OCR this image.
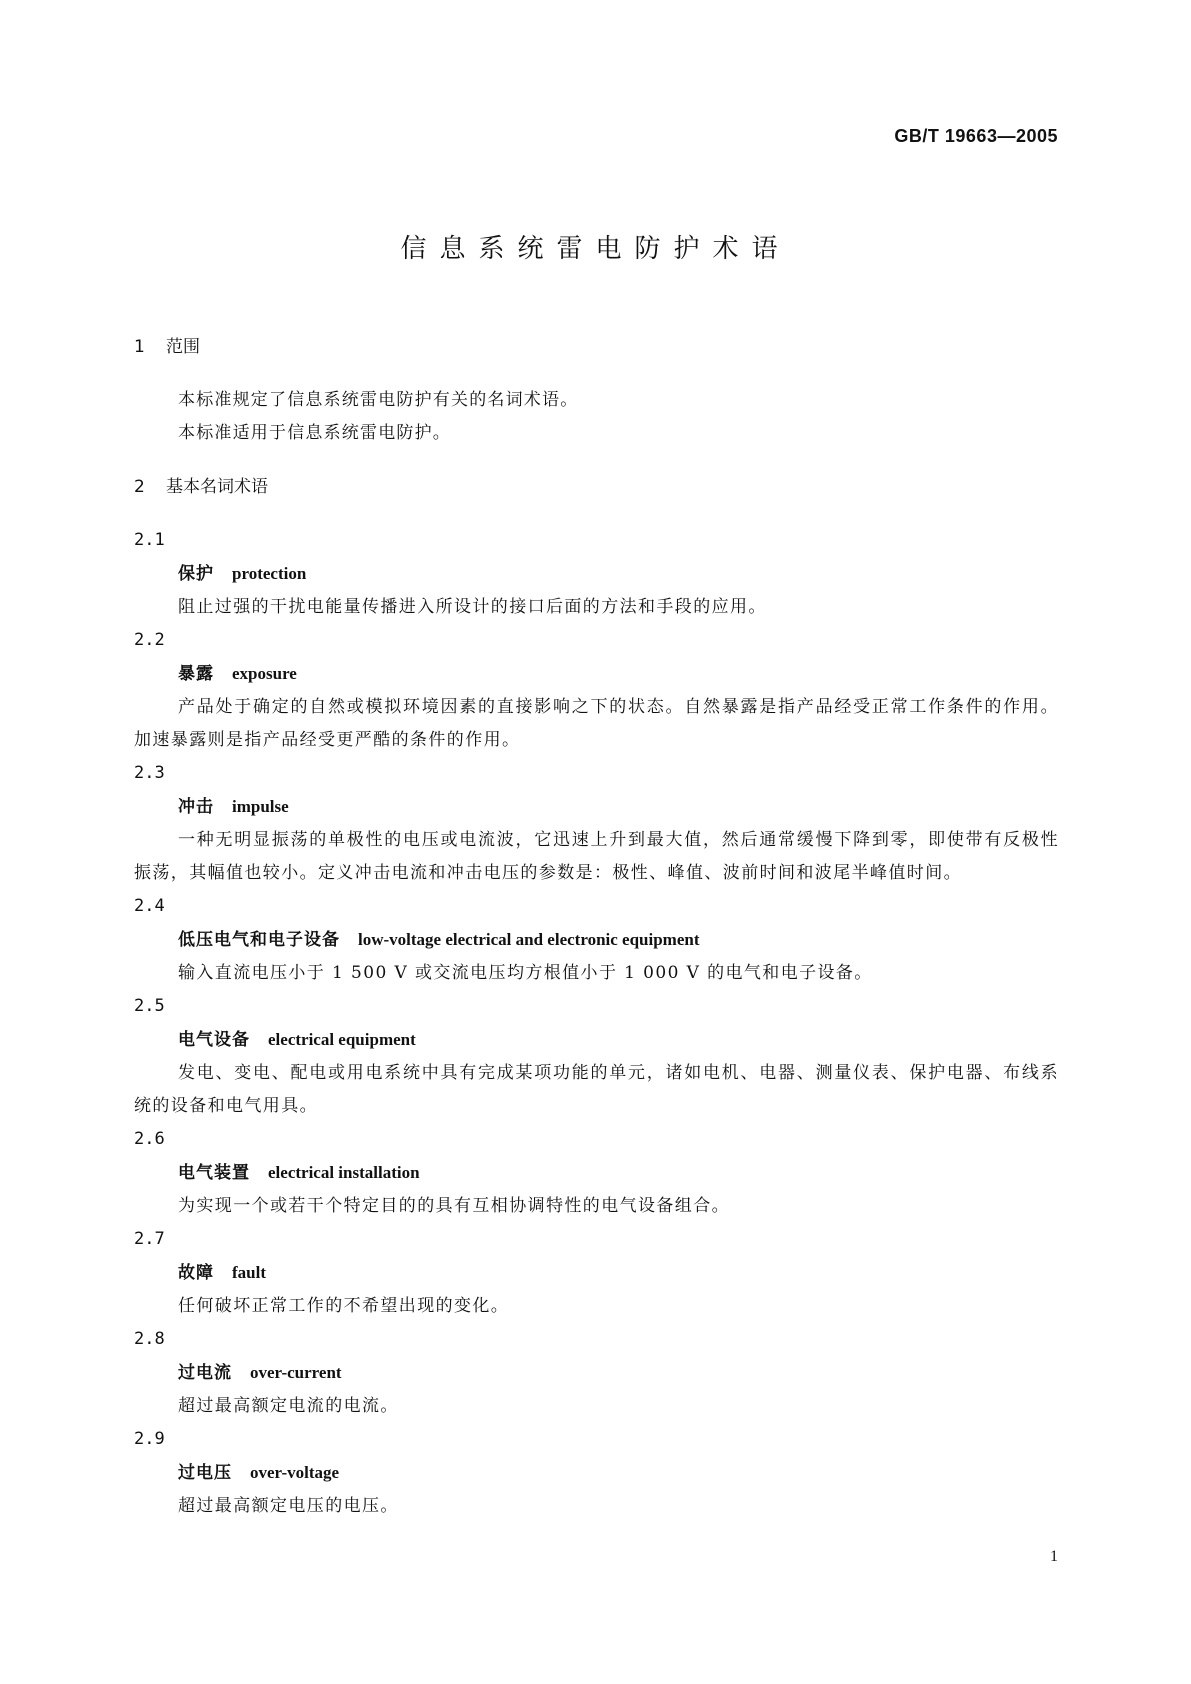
GB/T 19663—2005
信息系统雷电防护术语
1 范围

本标准规定了信息系统雷电防护有关的名词术语。

本标准适用于信息系统雷电防护。

2 基本名词术语

2.1

保护 protection

阻止过强的干扰电能量传播进入所设计的接口后面的方法和手段的应用。

2.2

暴露 exposure

产品处于确定的自然或模拟环境因素的直接影响之下的状态。自然暴露是指产品经受正常工作条件的作用。加速暴露则是指产品经受更严酷的条件的作用。

2.3

冲击 impulse

一种无明显振荡的单极性的电压或电流波，它迅速上升到最大值，然后通常缓慢下降到零，即使带有反极性振荡，其幅值也较小。定义冲击电流和冲击电压的参数是：极性、峰值、波前时间和波尾半峰值时间。

2.4

低压电气和电子设备 low-voltage electrical and electronic equipment

输入直流电压小于 1 500 V 或交流电压均方根值小于 1 000 V 的电气和电子设备。

2.5

电气设备 electrical equipment

发电、变电、配电或用电系统中具有完成某项功能的单元，诸如电机、电器、测量仪表、保护电器、布线系统的设备和电气用具。

2.6

电气装置 electrical installation

为实现一个或若干个特定目的的具有互相协调特性的电气设备组合。

2.7

故障 fault

任何破坏正常工作的不希望出现的变化。

2.8

过电流 over-current

超过最高额定电流的电流。

2.9

过电压 over-voltage

超过最高额定电压的电压。

1
